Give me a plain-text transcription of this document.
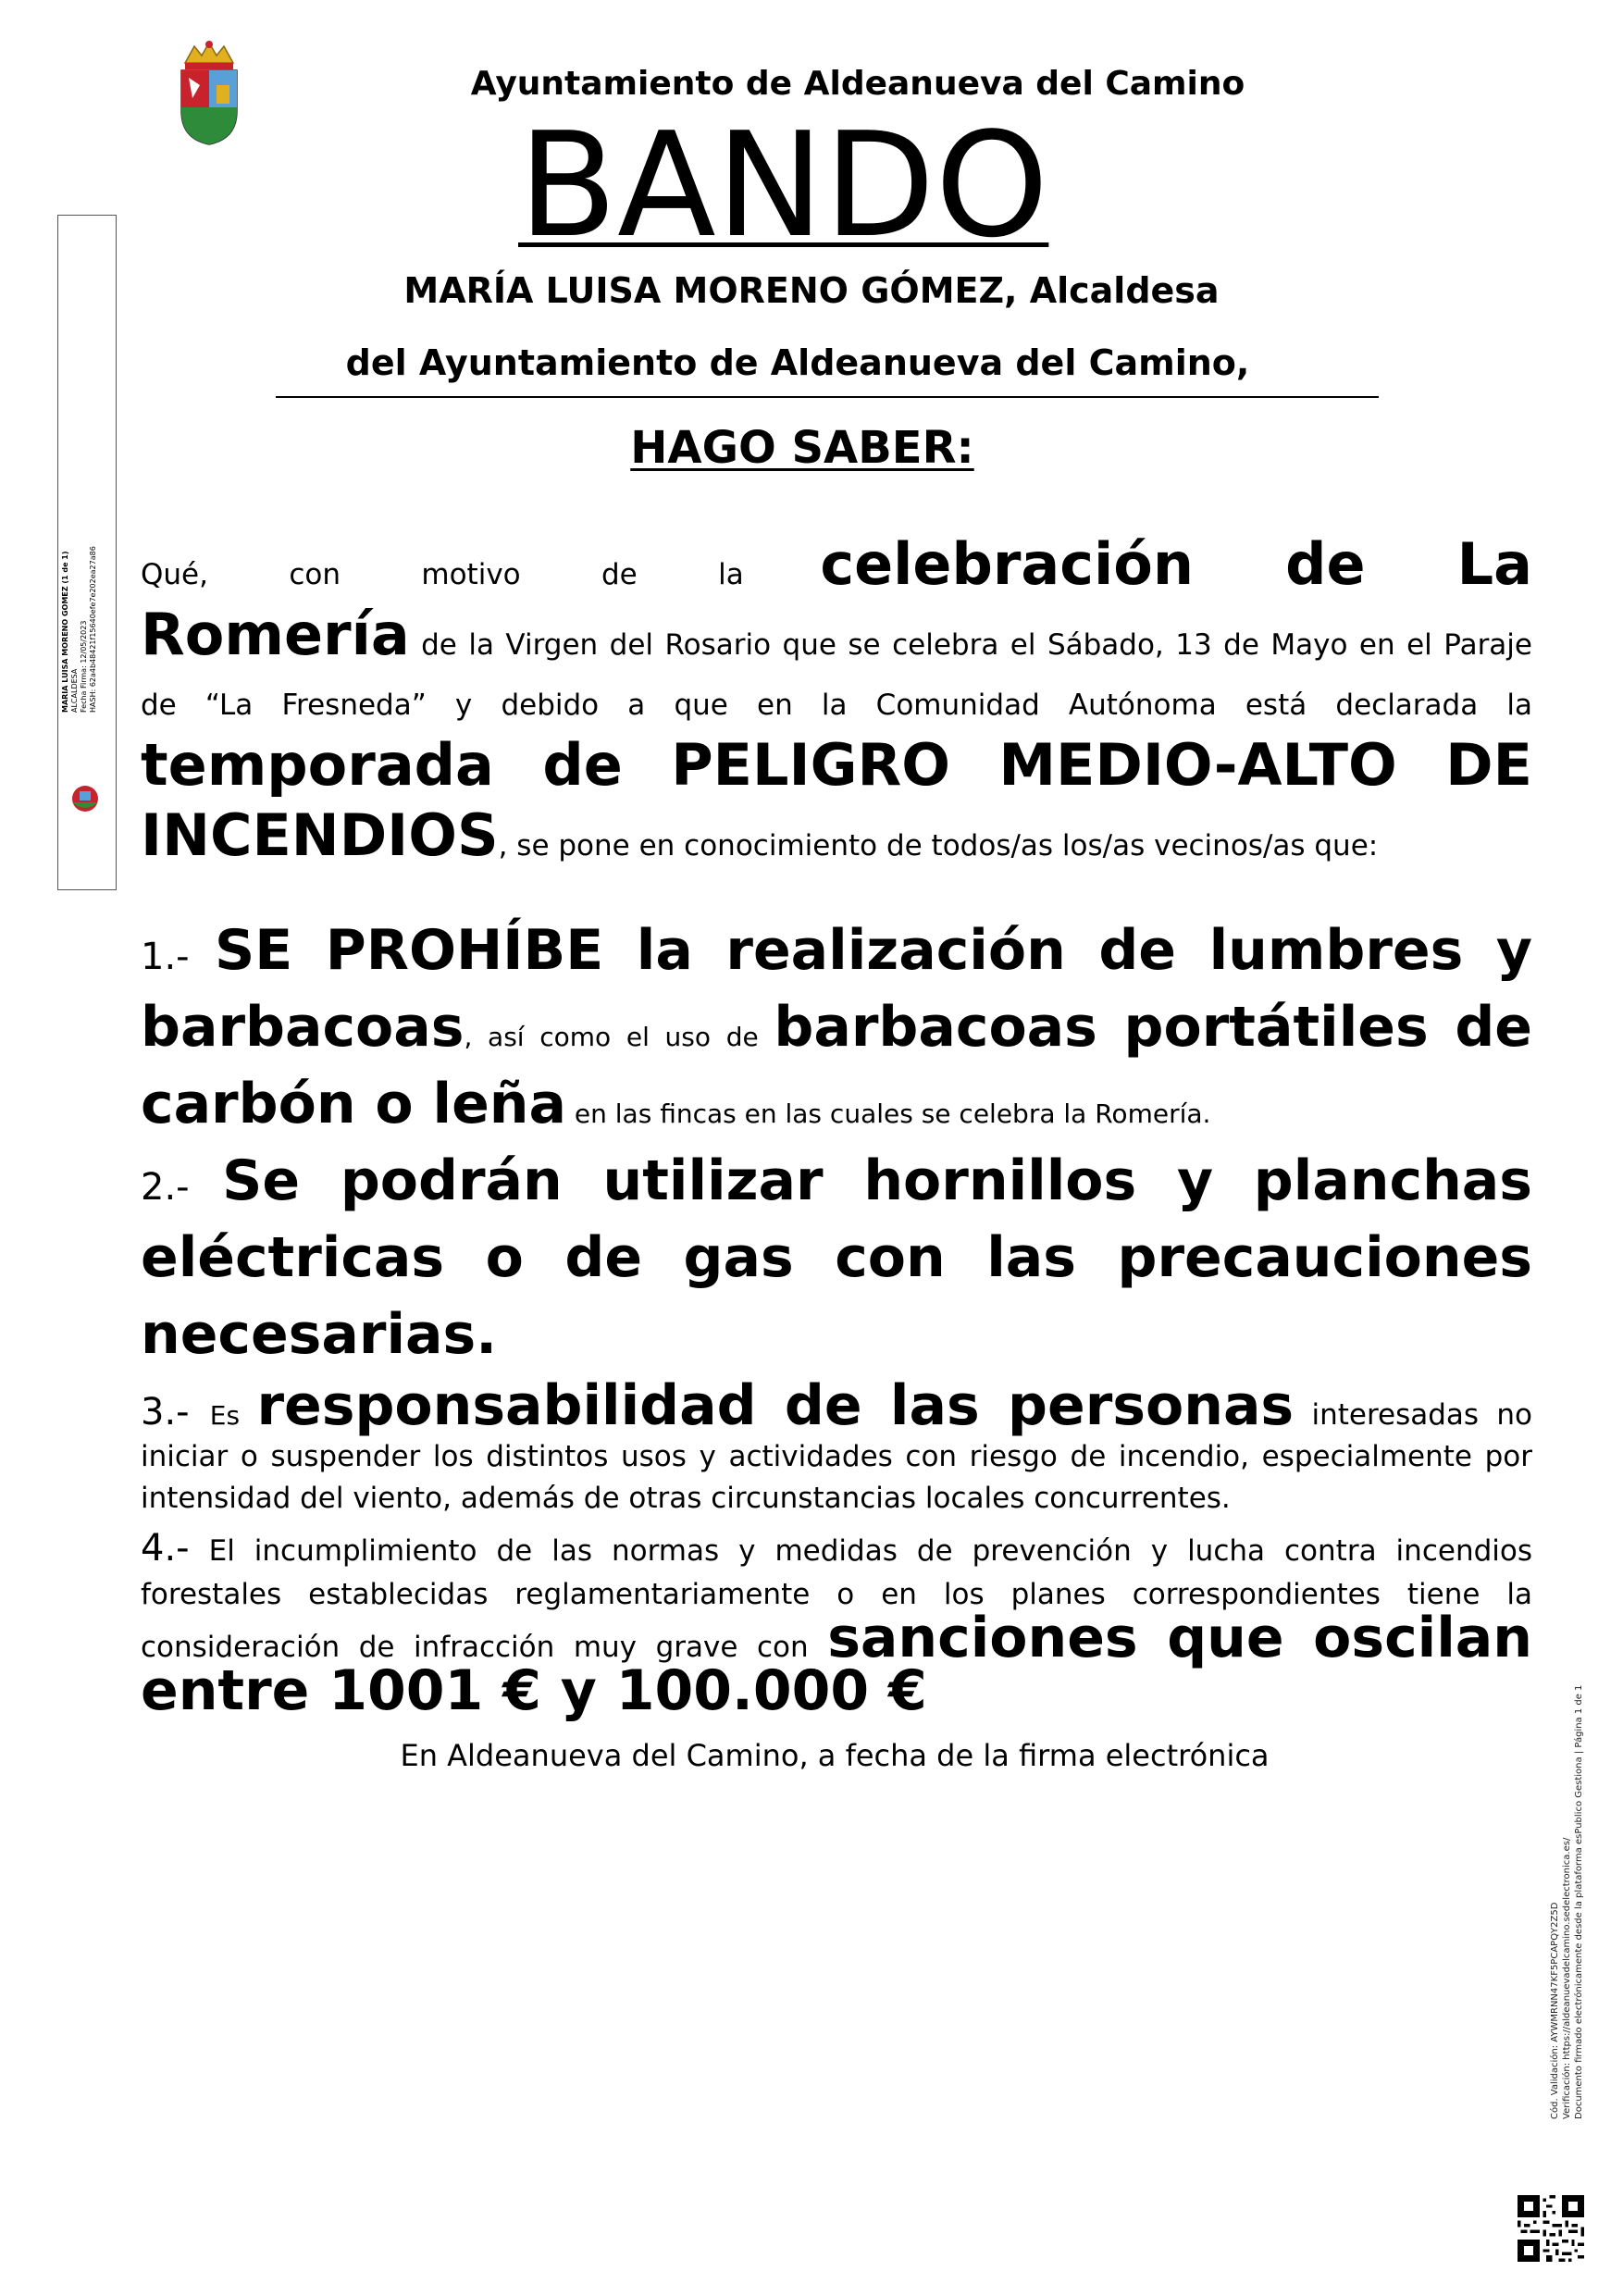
Ayuntamiento de Aldeanueva del Camino
BANDO
MARÍA LUISA MORENO GÓMEZ, Alcaldesa
del Ayuntamiento de Aldeanueva del Camino,
HAGO SABER:

Qué, con motivo de la celebración de La
Romería de la Virgen del Rosario que se celebra el Sábado, 13 de Mayo en el Paraje de “La Fresneda” y debido a que en la Comunidad Autónoma está declarada la temporada de PELIGRO MEDIO-ALTO DE INCENDIOS, se pone en conocimiento de todos/as los/as vecinos/as que:

1.- SE PROHÍBE la realización de lumbres y barbacoas, así como el uso de barbacoas portátiles de carbón o leña en las fincas en las cuales se celebra la Romería.

2.- Se podrán utilizar hornillos y planchas eléctricas o de gas con las precauciones necesarias.

3.- Es responsabilidad de las personas interesadas no iniciar o suspender los distintos usos y actividades con riesgo de incendio, especialmente por intensidad del viento, además de otras circunstancias locales concurrentes.

4.- El incumplimiento de las normas y medidas de prevención y lucha contra incendios forestales establecidas reglamentariamente o en los planes correspondientes tiene la consideración de infracción muy grave con sanciones que oscilan entre 1001 € y 100.000 €

En Aldeanueva del Camino, a fecha de la firma electrónica
MARIA LUISA MORENO GOMEZ (1 de 1) ALCALDESA Fecha Firma: 12/05/2023 HASH: 62a4b48421f15640efe7e202ea27a86
Cód. Validación: AYWMRNN47KF5PCAPQY2Z5D Verificación: https://aldeanuevadelcamino.sedelectronica.es/ Documento firmado electrónicamente desde la plataforma esPublico Gestiona | Página 1 de 1
